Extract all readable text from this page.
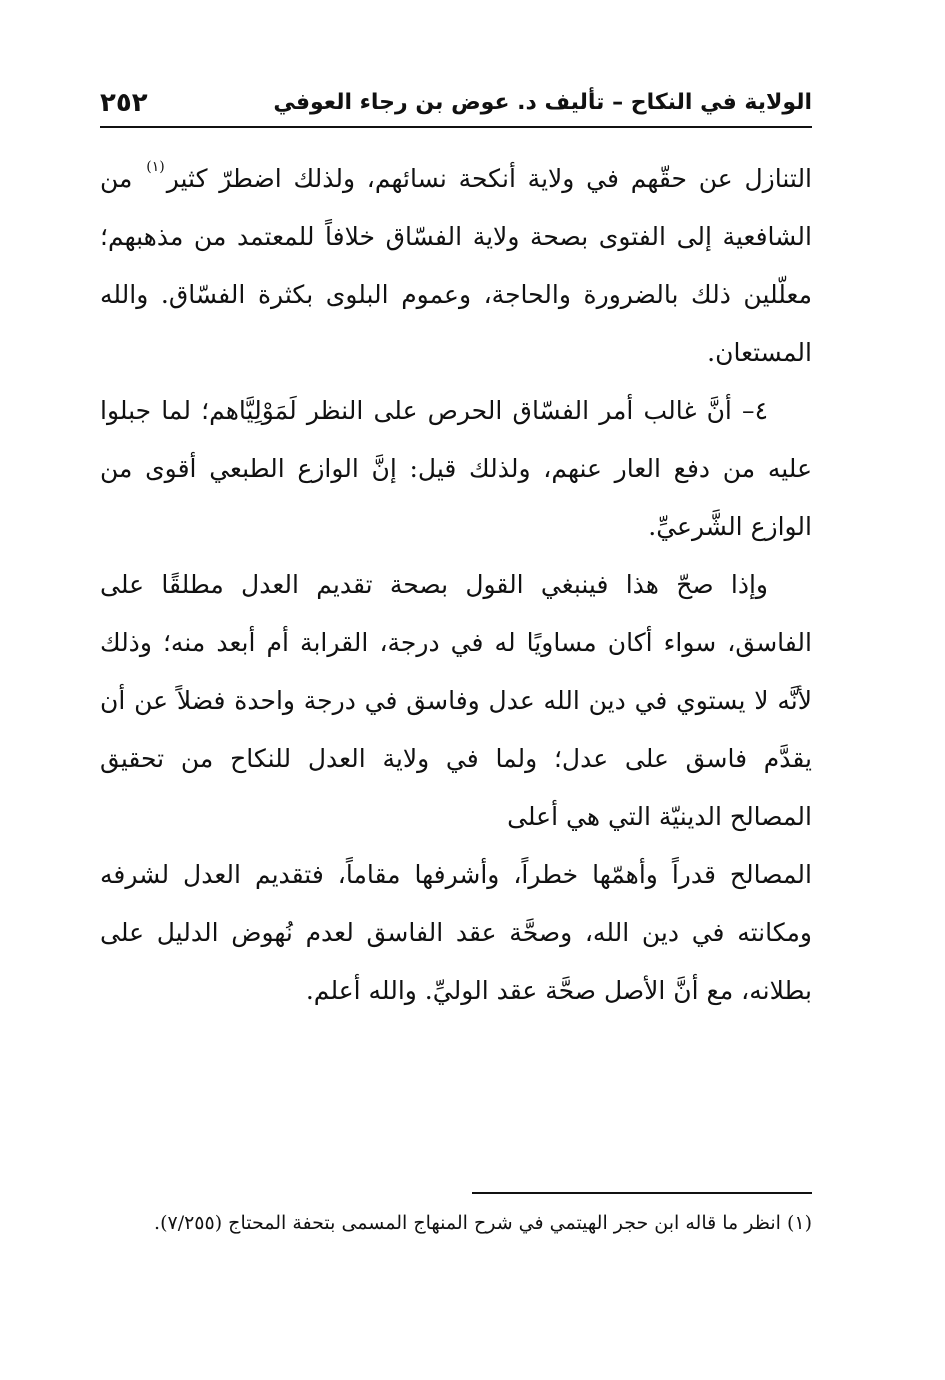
الولاية في النكاح – تأليف د. عوض بن رجاء العوفي
٢٥٢

التنازل عن حقّهم في ولاية أنكحة نسائهم، ولذلك اضطرّ كثير$^{(١)}$ من الشافعية إلى الفتوى بصحة ولاية الفسّاق خلافاً للمعتمد من مذهبهم؛ معلّلين ذلك بالضرورة والحاجة، وعموم البلوى بكثرة الفسّاق. والله المستعان.

٤– أنَّ غالب أمر الفسّاق الحرص على النظر لَمَوْلِيَّاهم؛ لما جبلوا عليه من دفع العار عنهم، ولذلك قيل: إنَّ الوازع الطبعي أقوى من الوازع الشَّرعيِّ.

وإذا صحّ هذا فينبغي القول بصحة تقديم العدل مطلقًا على الفاسق، سواء أكان مساويًا له في درجة، القرابة أم أبعد منه؛ وذلك لأنَّه لا يستوي في دين الله عدل وفاسق في درجة واحدة فضلاً عن أن يقدَّم فاسق على عدل؛ ولما في ولاية العدل للنكاح من تحقيق المصالح الدينيّة التي هي أعلى

المصالح قدراً وأهمّها خطراً، وأشرفها مقاماً، فتقديم العدل لشرفه ومكانته في دين الله، وصحَّة عقد الفاسق لعدم نُهوض الدليل على بطلانه، مع أنَّ الأصل صحَّة عقد الوليِّ. والله أعلم.

(١) انظر ما قاله ابن حجر الهيتمي في شرح المنهاج المسمى بتحفة المحتاج (٧/٢٥٥).
